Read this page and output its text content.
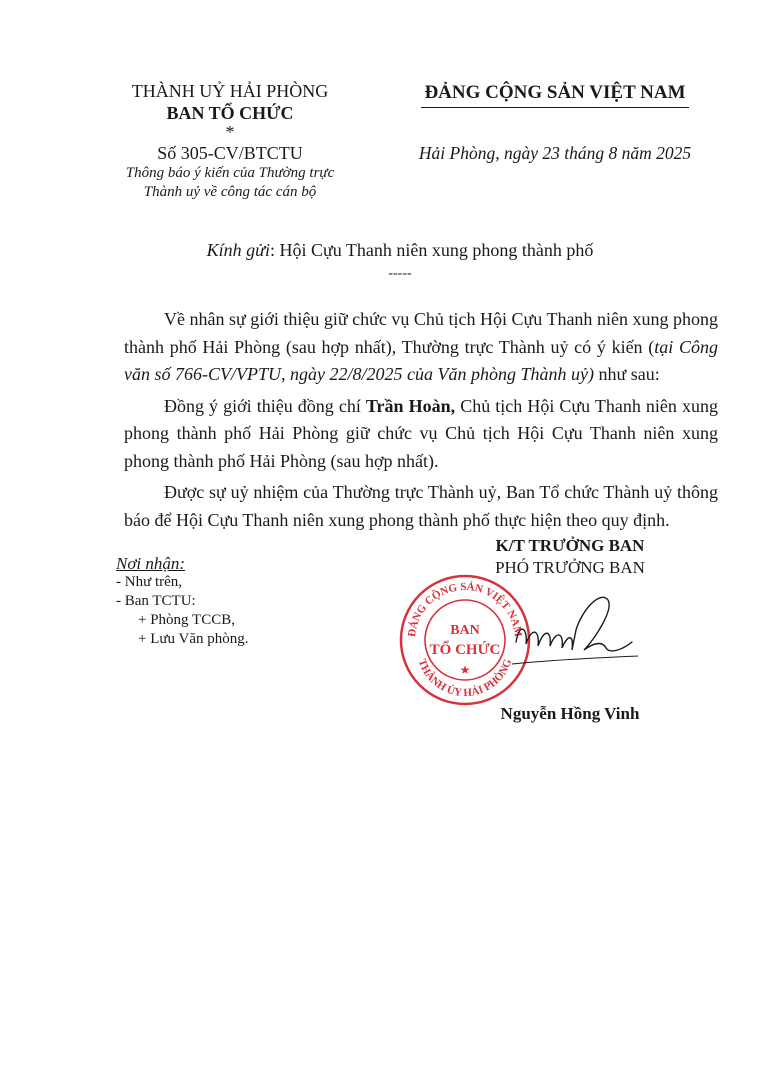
THÀNH UỶ HẢI PHÒNG
BAN TỔ CHỨC
*
Số 305-CV/BTCTU
Thông báo ý kiến của Thường trực
Thành uỷ về công tác cán bộ
ĐẢNG CỘNG SẢN VIỆT NAM
Hải Phòng, ngày 23 tháng 8 năm 2025
Kính gửi: Hội Cựu Thanh niên xung phong thành phố
-----

Về nhân sự giới thiệu giữ chức vụ Chủ tịch Hội Cựu Thanh niên xung phong thành phố Hải Phòng (sau hợp nhất), Thường trực Thành uỷ có ý kiến (tại Công văn số 766-CV/VPTU, ngày 22/8/2025 của Văn phòng Thành uỷ) như sau:

Đồng ý giới thiệu đồng chí Trần Hoàn, Chủ tịch Hội Cựu Thanh niên xung phong thành phố Hải Phòng giữ chức vụ Chủ tịch Hội Cựu Thanh niên xung phong thành phố Hải Phòng (sau hợp nhất).

Được sự uỷ nhiệm của Thường trực Thành uỷ, Ban Tổ chức Thành uỷ thông báo để Hội Cựu Thanh niên xung phong thành phố thực hiện theo quy định.

K/T TRƯỞNG BAN
PHÓ TRƯỞNG BAN
Nơi nhận:
- Như trên,
- Ban TCTU:
+ Phòng TCCB,
+ Lưu Văn phòng.	ĐẢNG CỘNG SẢN VIỆT NAM
THÀNH ỦY HẢI PHÒNG
BAN
TỔ CHỨC
★
Nguyễn Hồng Vinh
